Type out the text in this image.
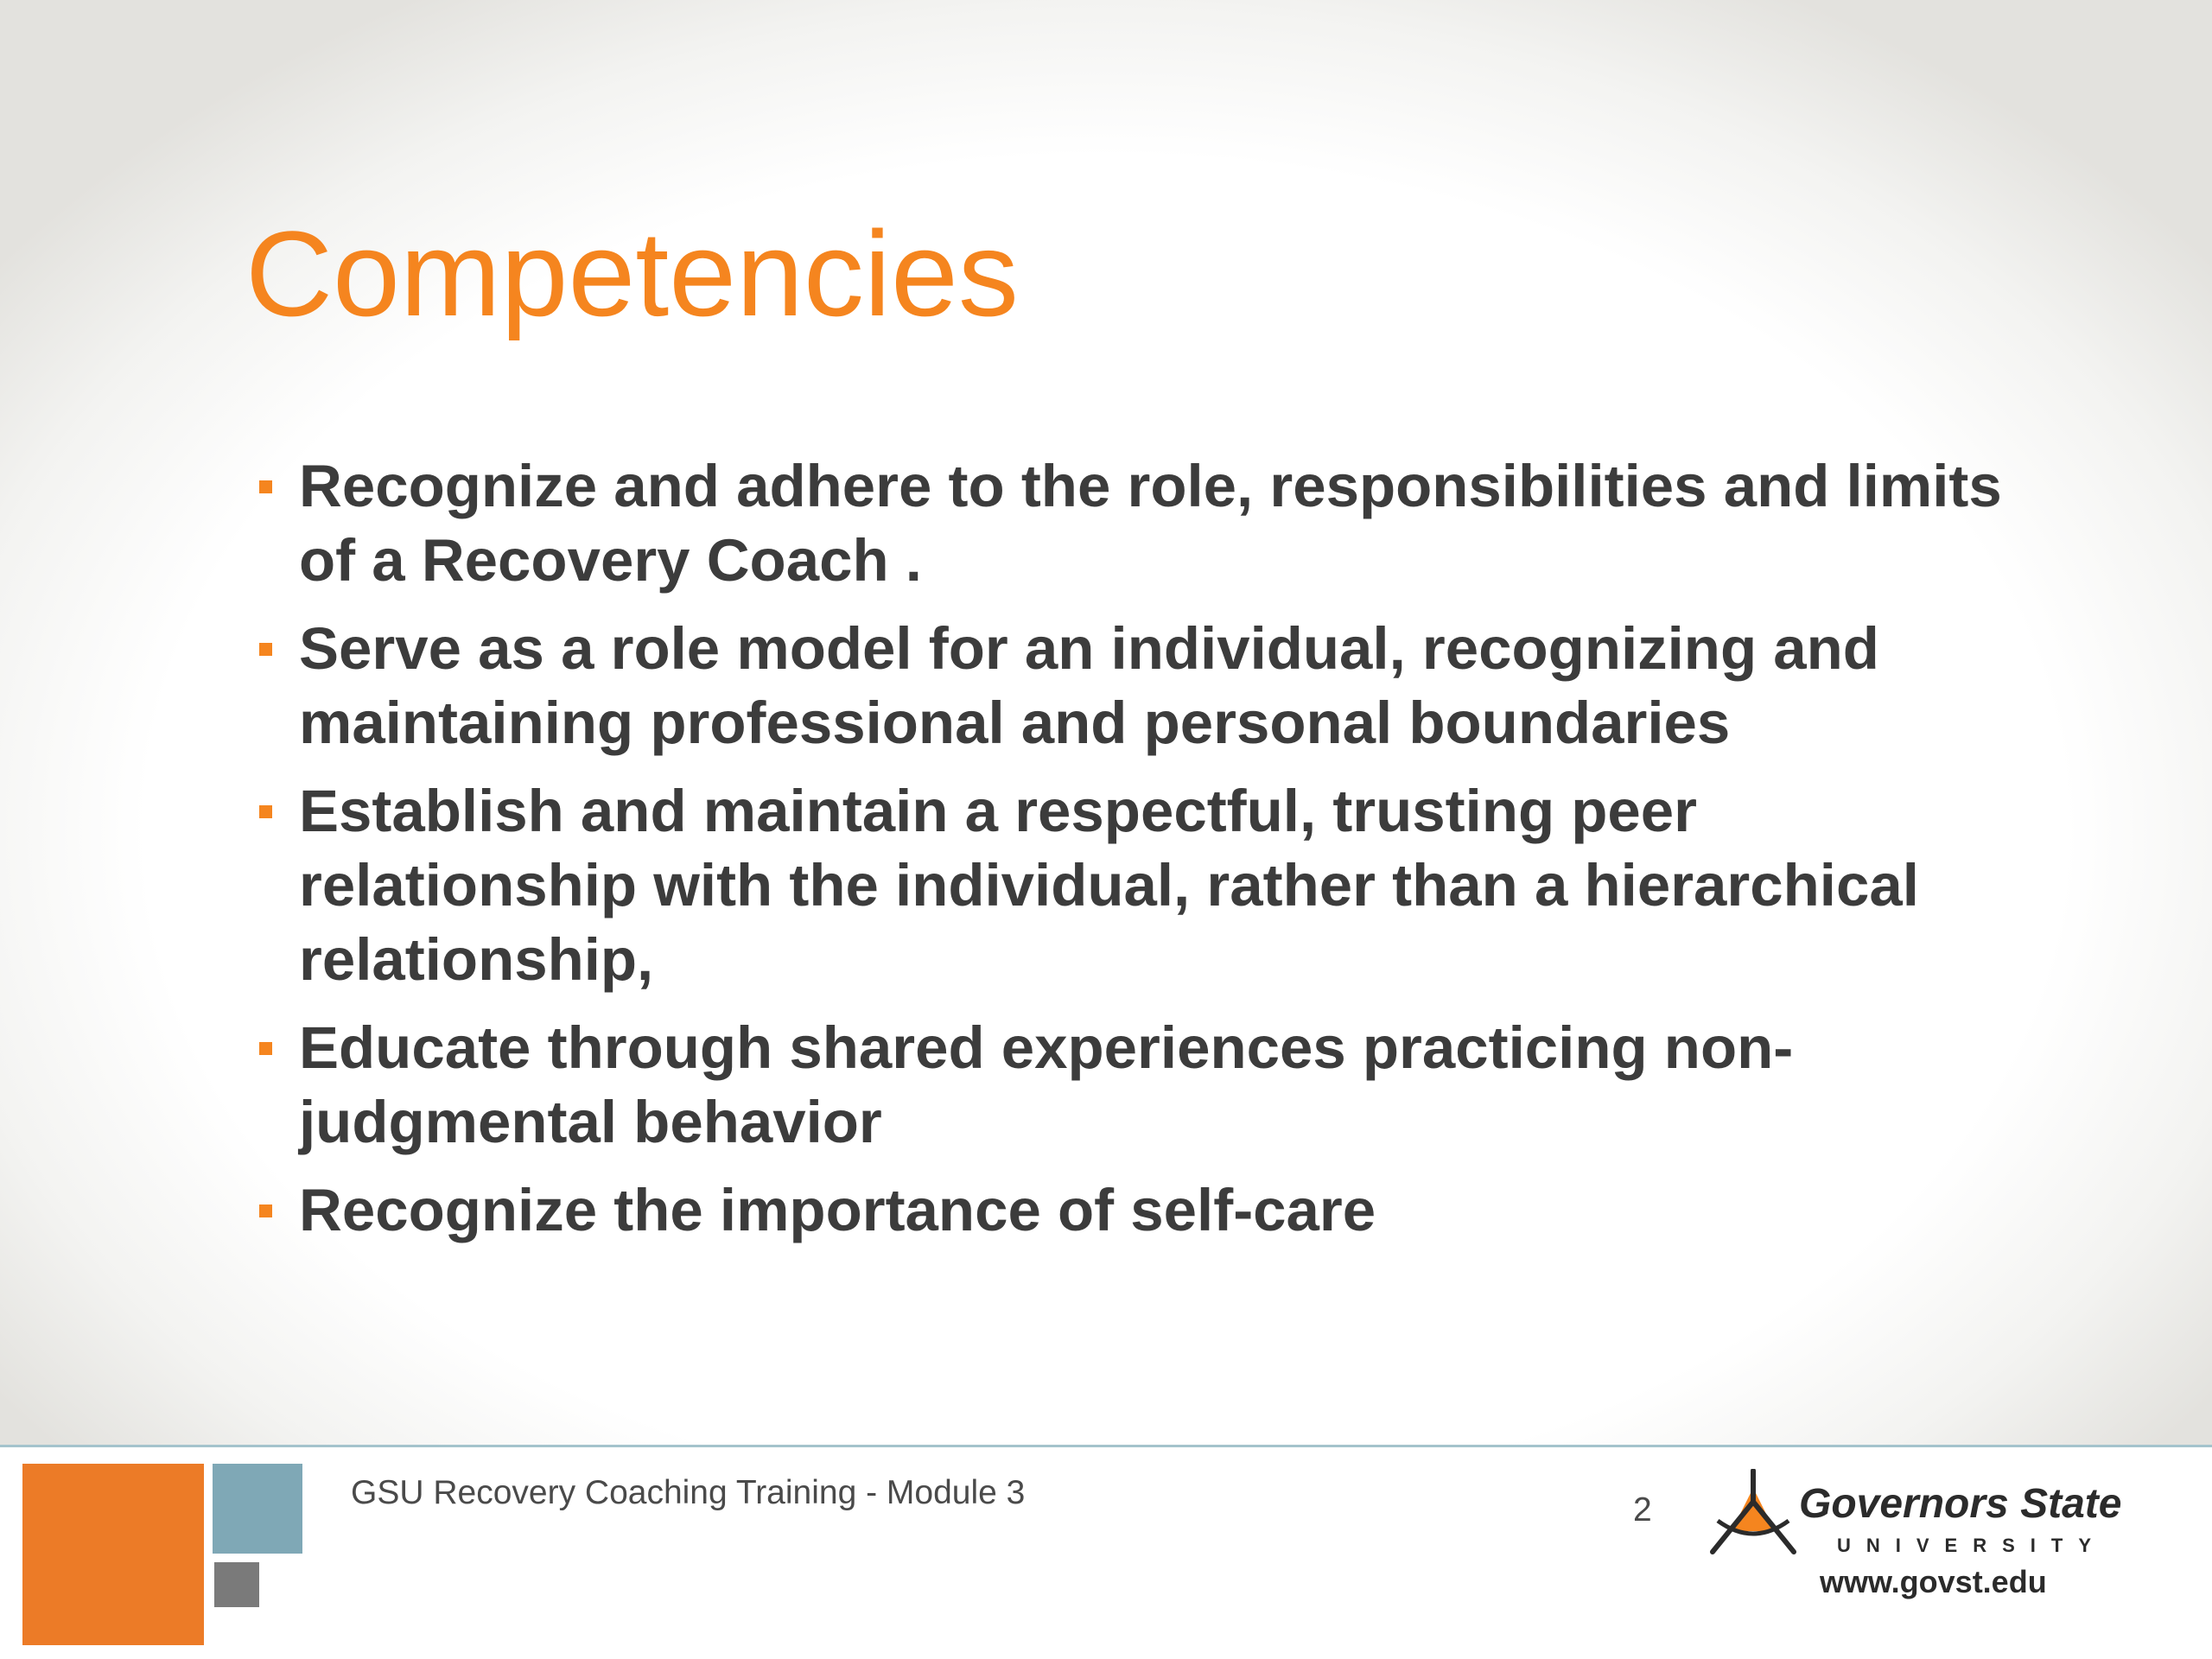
Competencies
Recognize and adhere to the role, responsibilities and limits of a Recovery Coach .
Serve as a role model for an individual, recognizing and maintaining professional and personal boundaries
Establish and maintain a respectful, trusting peer relationship with the individual, rather than a hierarchical relationship,
Educate through shared experiences practicing non-judgmental behavior
Recognize the importance of self-care
GSU Recovery Coaching Training - Module 3	2	Governors State
UNIVERSITY
www.govst.edu
